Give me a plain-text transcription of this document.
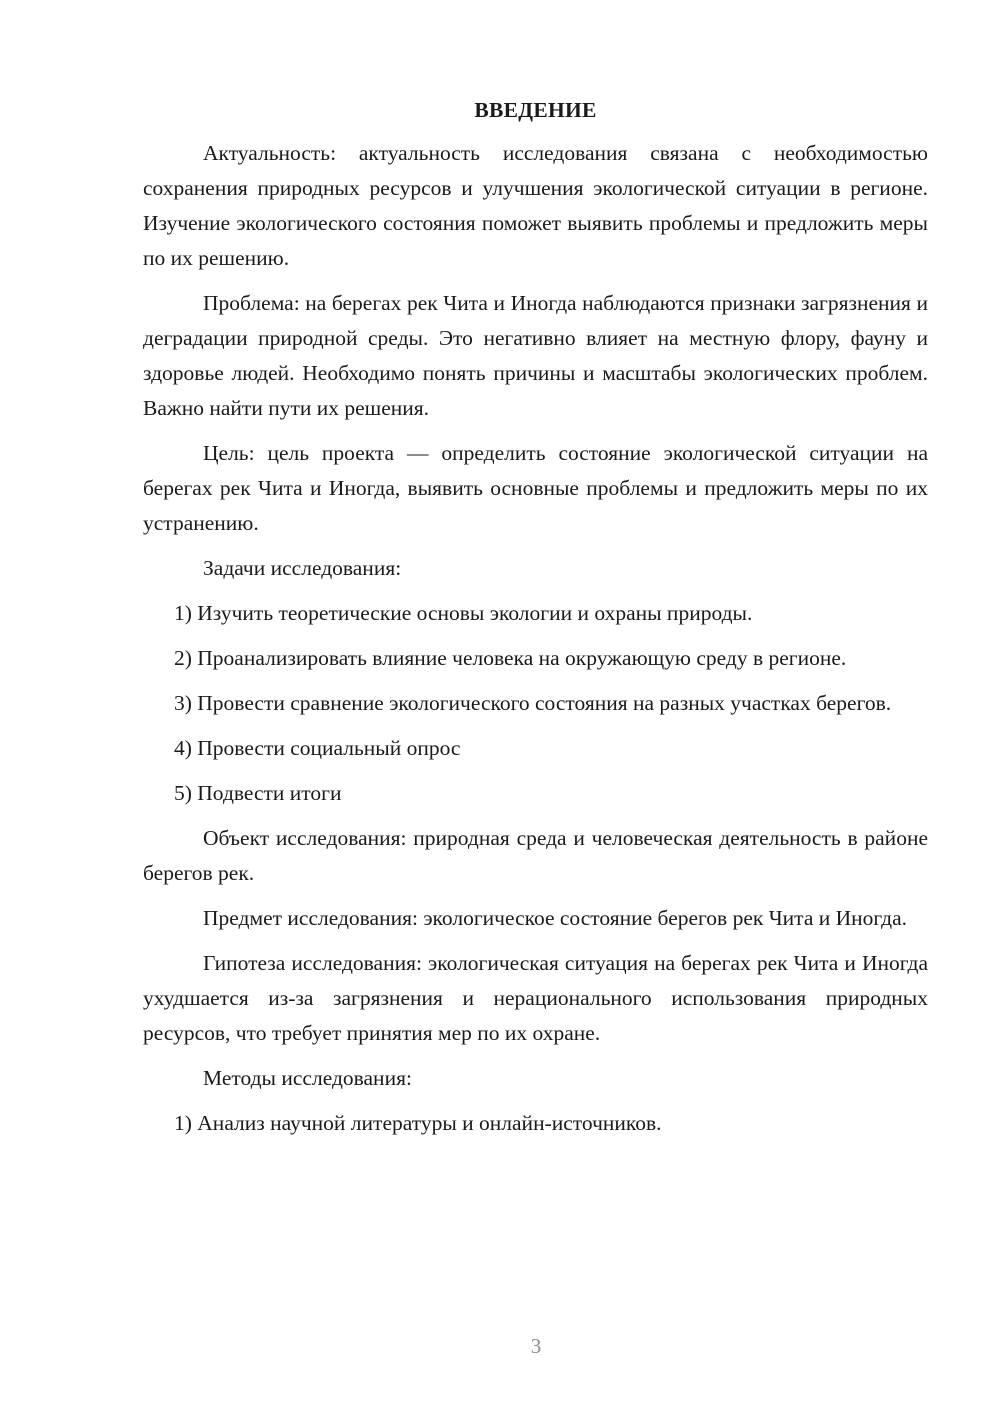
ВВЕДЕНИЕ

Актуальность: актуальность исследования связана с необходимостью сохранения природных ресурсов и улучшения экологической ситуации в регионе. Изучение экологического состояния поможет выявить проблемы и предложить меры по их решению.

Проблема: на берегах рек Чита и Иногда наблюдаются признаки загрязнения и деградации природной среды. Это негативно влияет на местную флору, фауну и здоровье людей. Необходимо понять причины и масштабы экологических проблем. Важно найти пути их решения.

Цель: цель проекта — определить состояние экологической ситуации на берегах рек Чита и Иногда, выявить основные проблемы и предложить меры по их устранению.

Задачи исследования:

1) Изучить теоретические основы экологии и охраны природы.

2) Проанализировать влияние человека на окружающую среду в регионе.

3) Провести сравнение экологического состояния на разных участках берегов.

4) Провести социальный опрос

5) Подвести итоги

Объект исследования: природная среда и человеческая деятельность в районе берегов рек.

Предмет исследования: экологическое состояние берегов рек Чита и Иногда.

Гипотеза исследования: экологическая ситуация на берегах рек Чита и Иногда ухудшается из-за загрязнения и нерационального использования природных ресурсов, что требует принятия мер по их охране.

Методы исследования:

1) Анализ научной литературы и онлайн-источников.

3
